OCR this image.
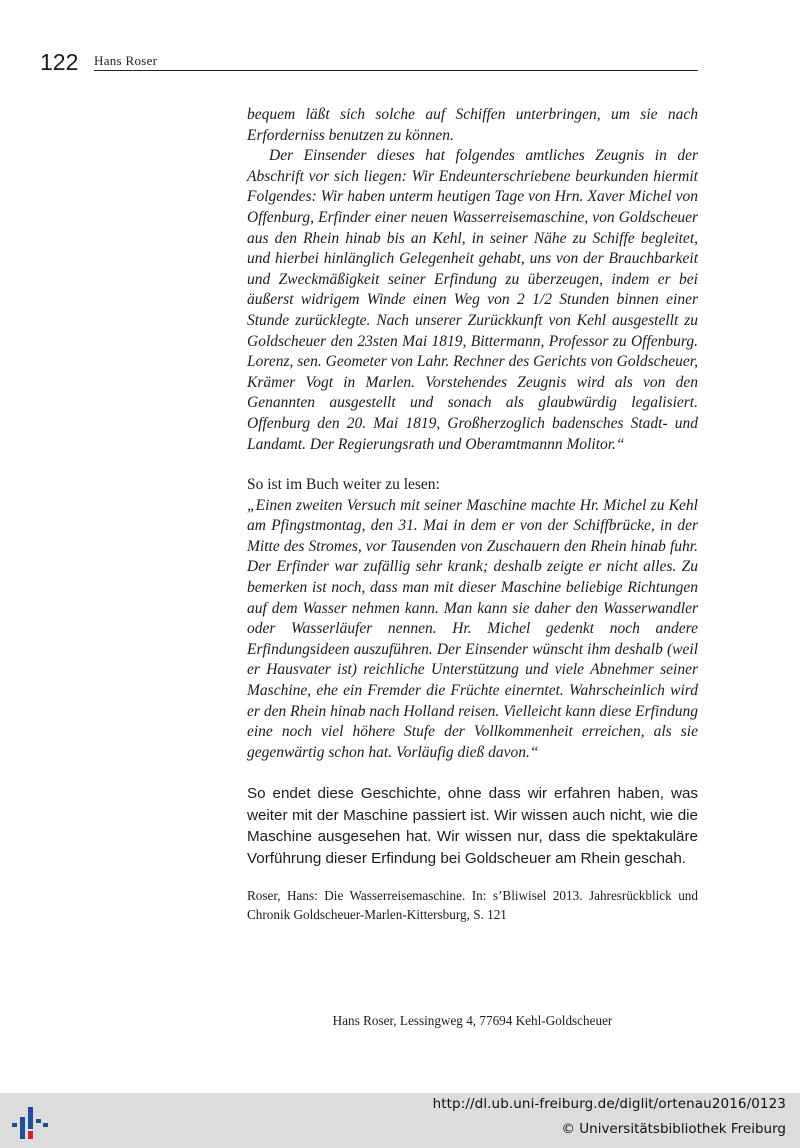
122 Hans Roser

bequem läßt sich solche auf Schiffen unterbringen, um sie nach Erforderniss benutzen zu können.

Der Einsender dieses hat folgendes amtliches Zeugnis in der Abschrift vor sich liegen: Wir Endeunterschriebene beurkunden hiermit Folgendes: Wir haben unterm heutigen Tage von Hrn. Xaver Michel von Offenburg, Erfinder einer neuen Wasserreisemaschine, von Goldscheuer aus den Rhein hinab bis an Kehl, in seiner Nähe zu Schiffe begleitet, und hierbei hinlänglich Gelegenheit gehabt, uns von der Brauchbarkeit und Zweckmäßigkeit seiner Erfindung zu überzeugen, indem er bei äußerst widrigem Winde einen Weg von 2 1/2 Stunden binnen einer Stunde zurücklegte. Nach unserer Zurückkunft von Kehl ausgestellt zu Goldscheuer den 23sten Mai 1819, Bittermann, Professor zu Offenburg. Lorenz, sen. Geometer von Lahr. Rechner des Gerichts von Goldscheuer, Krämer Vogt in Marlen. Vorstehendes Zeugnis wird als von den Genannten ausgestellt und sonach als glaubwürdig legalisiert. Offenburg den 20. Mai 1819, Großherzoglich badensches Stadt- und Landamt. Der Regierungsrath und Oberamtmannn Molitor.“

So ist im Buch weiter zu lesen:

„Einen zweiten Versuch mit seiner Maschine machte Hr. Michel zu Kehl am Pfingstmontag, den 31. Mai in dem er von der Schiffbrücke, in der Mitte des Stromes, vor Tausenden von Zuschauern den Rhein hinab fuhr. Der Erfinder war zufällig sehr krank; deshalb zeigte er nicht alles. Zu bemerken ist noch, dass man mit dieser Maschine beliebige Richtungen auf dem Wasser nehmen kann. Man kann sie daher den Wasserwandler oder Wasserläufer nennen. Hr. Michel gedenkt noch andere Erfindungsideen auszuführen. Der Einsender wünscht ihm deshalb (weil er Hausvater ist) reichliche Unterstützung und viele Abnehmer seiner Maschine, ehe ein Fremder die Früchte einerntet. Wahrscheinlich wird er den Rhein hinab nach Holland reisen. Vielleicht kann diese Erfindung eine noch viel höhere Stufe der Vollkommenheit erreichen, als sie gegenwärtig schon hat. Vorläufig dieß davon.“

So endet diese Geschichte, ohne dass wir erfahren haben, was weiter mit der Maschine passiert ist. Wir wissen auch nicht, wie die Maschine ausgesehen hat. Wir wissen nur, dass die spektakuläre Vorführung dieser Erfindung bei Goldscheuer am Rhein geschah.

Roser, Hans: Die Wasserreisemaschine. In: s’Bliwisel 2013. Jahresrückblick und Chronik Goldscheuer-Marlen-Kittersburg, S. 121

Hans Roser, Lessingweg 4, 77694 Kehl-Goldscheuer
http://dl.ub.uni-freiburg.de/diglit/ortenau2016/0123
© Universitätsbibliothek Freiburg
